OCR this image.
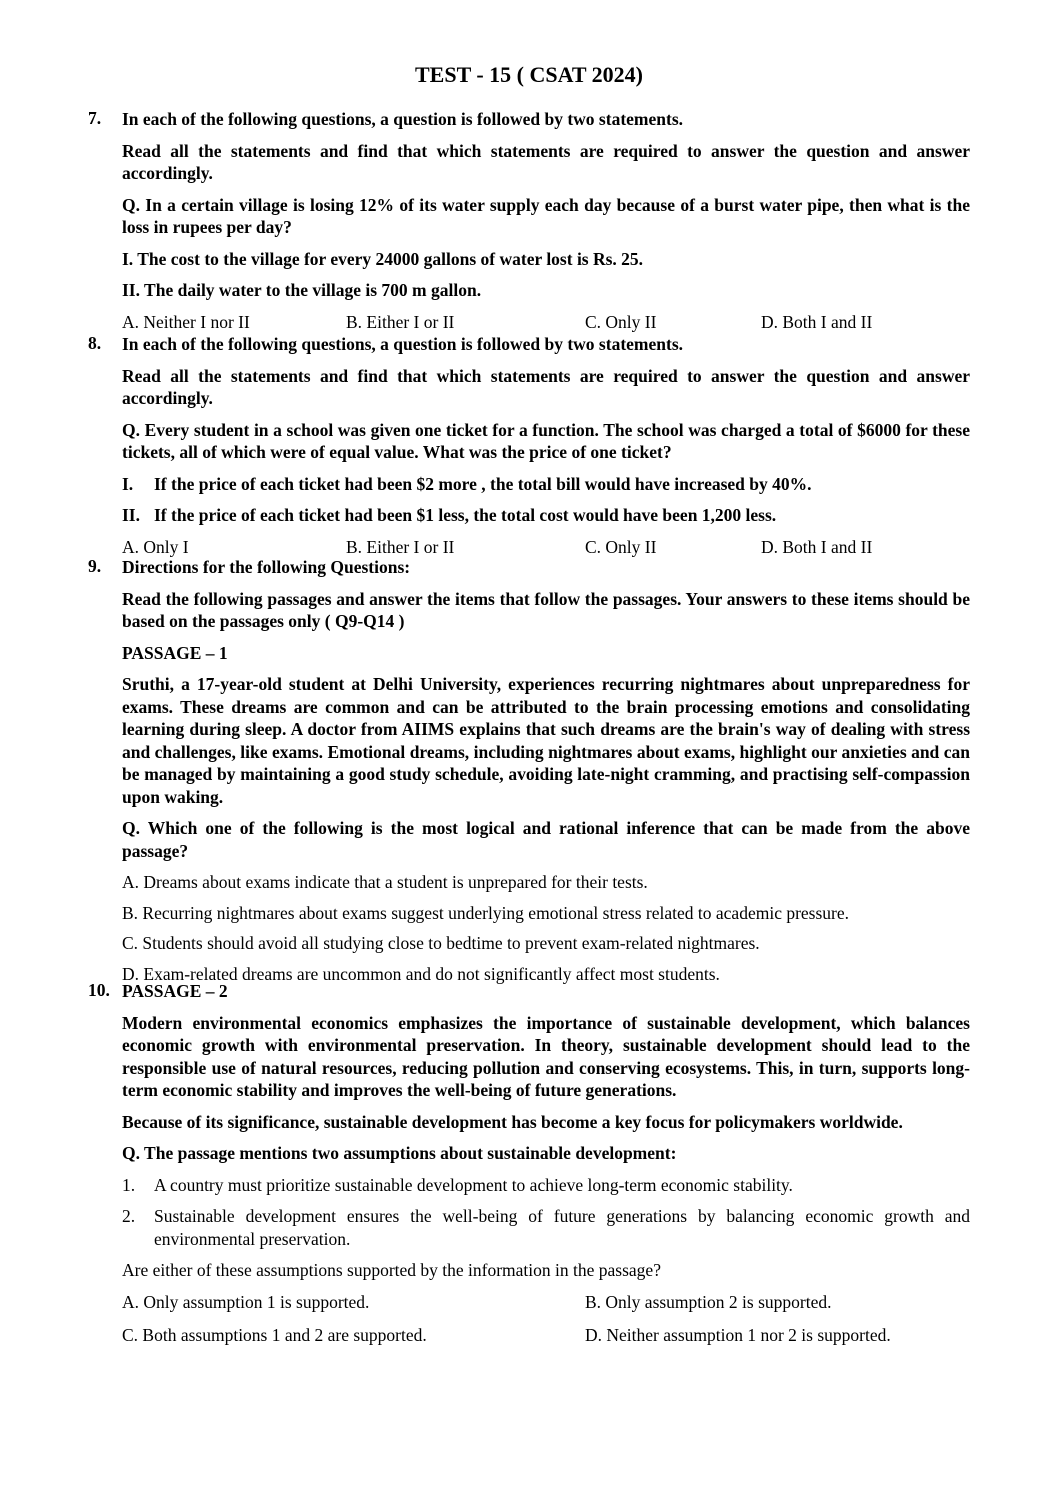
TEST - 15 ( CSAT 2024)
7.	In each of the following questions, a question is followed by two statements.

Read all the statements and find that which statements are required to answer the question and answer accordingly.

Q. In a certain village is losing 12% of its water supply each day because of a burst water pipe, then what is the loss in rupees per day?

I. The cost to the village for every 24000 gallons of water lost is Rs. 25.

II. The daily water to the village is 700 m gallon.

A. Neither I nor II	B. Either I or II	C. Only II	D. Both I and II
8.	In each of the following questions, a question is followed by two statements.

Read all the statements and find that which statements are required to answer the question and answer accordingly.

Q. Every student in a school was given one ticket for a function. The school was charged a total of $6000 for these tickets, all of which were of equal value. What was the price of one ticket?

I.	If the price of each ticket had been $2 more , the total bill would have increased by 40%.
II. If the price of each ticket had been $1 less, the total cost would have been 1,200 less.
A. Only I	B. Either I or II	C. Only II	D. Both I and II
9.	Directions for the following Questions:

Read the following passages and answer the items that follow the passages. Your answers to these items should be based on the passages only ( Q9-Q14 )

PASSAGE – 1

Sruthi, a 17-year-old student at Delhi University, experiences recurring nightmares about unpreparedness for exams. These dreams are common and can be attributed to the brain processing emotions and consolidating learning during sleep. A doctor from AIIMS explains that such dreams are the brain's way of dealing with stress and challenges, like exams. Emotional dreams, including nightmares about exams, highlight our anxieties and can be managed by maintaining a good study schedule, avoiding late-night cramming, and practising self-compassion upon waking.

Q. Which one of the following is the most logical and rational inference that can be made from the above passage?

A. Dreams about exams indicate that a student is unprepared for their tests.

B. Recurring nightmares about exams suggest underlying emotional stress related to academic pressure.

C. Students should avoid all studying close to bedtime to prevent exam-related nightmares.

D. Exam-related dreams are uncommon and do not significantly affect most students.

10. PASSAGE – 2

Modern environmental economics emphasizes the importance of sustainable development, which balances economic growth with environmental preservation. In theory, sustainable development should lead to the responsible use of natural resources, reducing pollution and conserving ecosystems. This, in turn, supports long-term economic stability and improves the well-being of future generations.

Because of its significance, sustainable development has become a key focus for policymakers worldwide.

Q. The passage mentions two assumptions about sustainable development:

1.	A country must prioritize sustainable development to achieve long-term economic stability.
2.	Sustainable development ensures the well-being of future generations by balancing economic growth and environmental preservation.

Are either of these assumptions supported by the information in the passage?

A. Only assumption 1 is supported.	B. Only assumption 2 is supported.
C. Both assumptions 1 and 2 are supported.	D. Neither assumption 1 nor 2 is supported.
